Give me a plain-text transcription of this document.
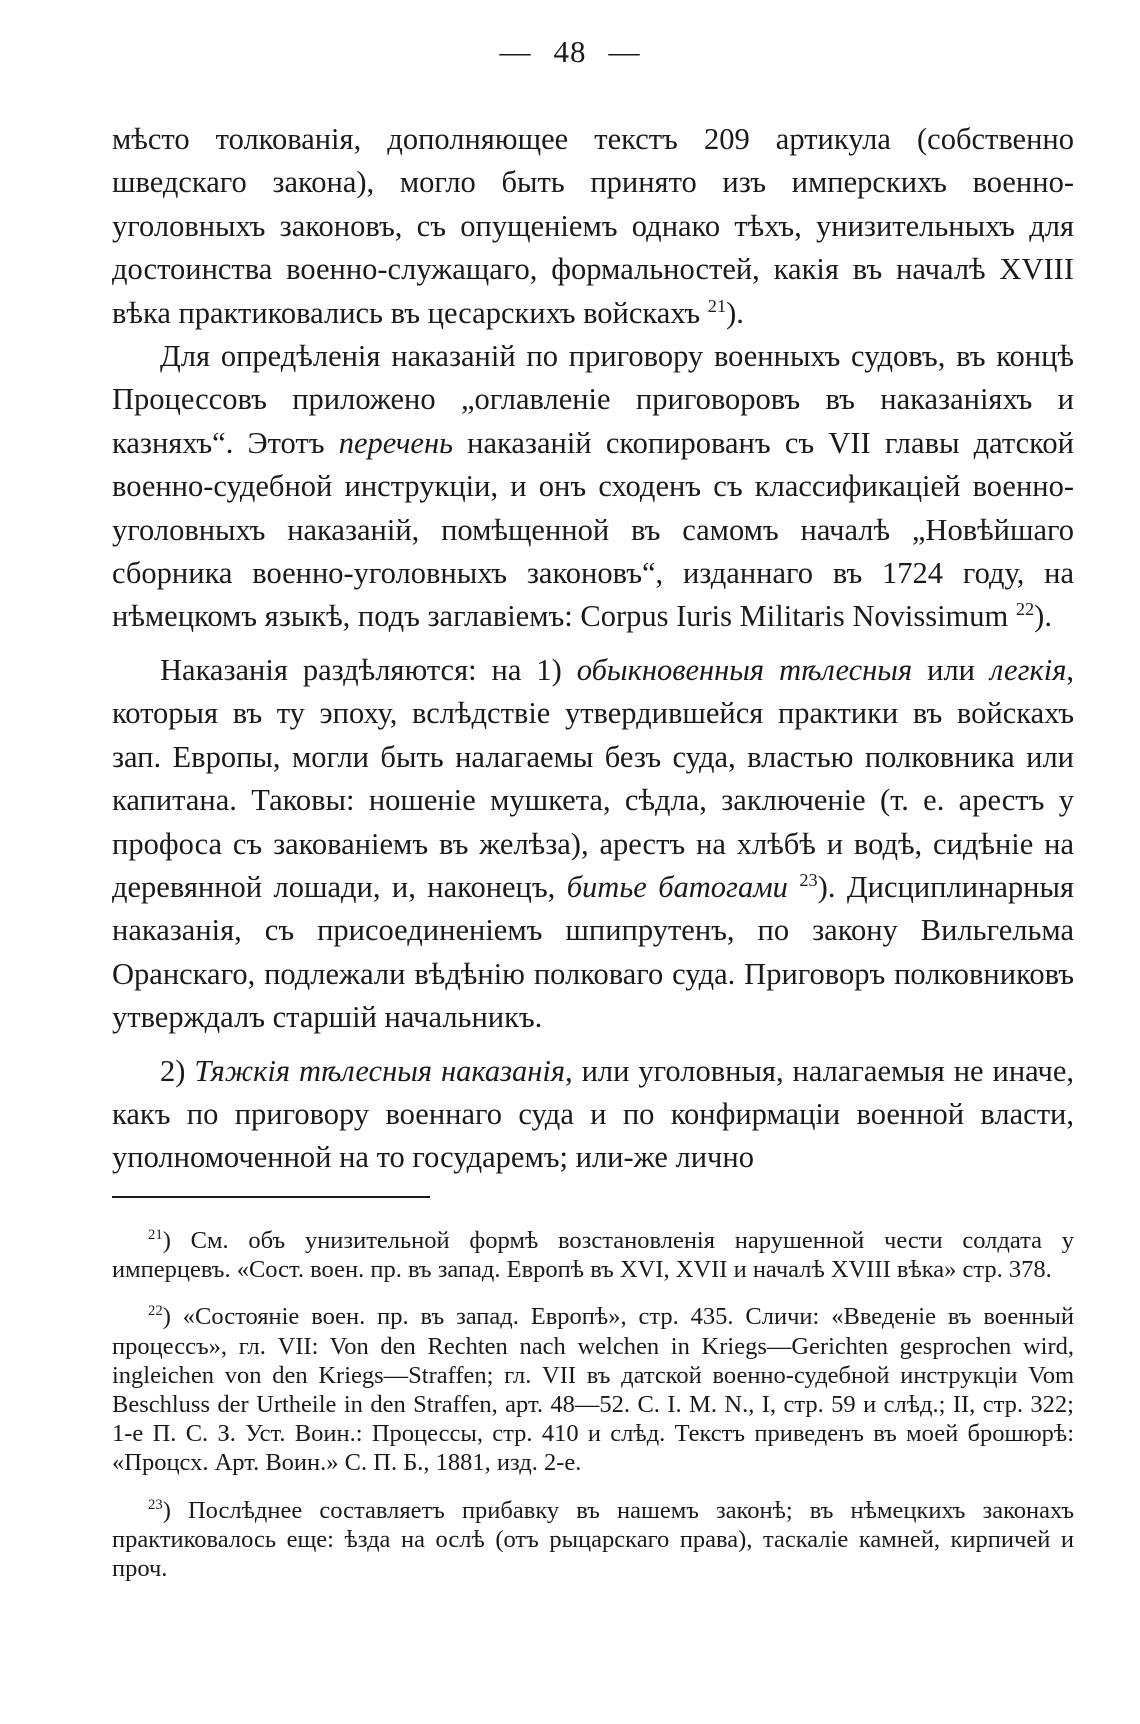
— 48 —

мѣсто толкованія, дополняющее текстъ 209 артикула (собственно шведскаго закона), могло быть принято изъ имперскихъ военно-уголовныхъ законовъ, съ опущеніемъ однако тѣхъ, унизительныхъ для достоинства военно-служащаго, формальностей, какія въ началѣ XVIII вѣка практиковались въ цесарскихъ войскахъ $^{21}$).

Для опредѣленія наказаній по приговору военныхъ судовъ, въ концѣ Процессовъ приложено „оглавленіе приговоровъ въ наказаніяхъ и казняхъ“. Этотъ перечень наказаній скопированъ съ VII главы датской военно-судебной инструкціи, и онъ сходенъ съ классификаціей военно-уголовныхъ наказаній, помѣщенной въ самомъ началѣ „Новѣйшаго сборника военно-уголовныхъ законовъ“, изданнаго въ 1724 году, на нѣмецкомъ языкѣ, подъ заглавіемъ: Corpus Iuris Militaris Novissimum $^{22}$).

Наказанія раздѣляются: на 1) обыкновенныя тѣлесныя или легкія, которыя въ ту эпоху, вслѣдствіе утвердившейся практики въ войскахъ зап. Европы, могли быть налагаемы безъ суда, властью полковника или капитана. Таковы: ношеніе мушкета, сѣдла, заключеніе (т. е. арестъ у профоса съ закованіемъ въ желѣза), арестъ на хлѣбѣ и водѣ, сидѣніе на деревянной лошади, и, наконецъ, битье батогами $^{23}$). Дисциплинарныя наказанія, съ присоединеніемъ шпипрутенъ, по закону Вильгельма Оранскаго, подлежали вѣдѣнію полковаго суда. Приговоръ полковниковъ утверждалъ старшій начальникъ.

2) Тяжкія тѣлесныя наказанія, или уголовныя, налагаемыя не иначе, какъ по приговору военнаго суда и по конфирмаціи военной власти, уполномоченной на то государемъ; или-же лично

$^{21}$) См. объ унизительной формѣ возстановленія нарушенной чести солдата у имперцевъ. «Сост. воен. пр. въ запад. Европѣ въ XVI, XVII и началѣ XVIII вѣка» стр. 378.

$^{22}$) «Состояніе воен. пр. въ запад. Европѣ», стр. 435. Сличи: «Введеніе въ военный процессъ», гл. VII: Von den Rechten nach welchen in Kriegs—Gerichten gesprochen wird, ingleichen von den Kriegs—Straffen; гл. VII въ датской военно-судебной инструкціи Vom Beschluss der Urtheile in den Straffen, арт. 48—52. C. I. M. N., I, стр. 59 и слѣд.; II, стр. 322; 1-е П. С. З. Уст. Воин.: Процессы, стр. 410 и слѣд. Текстъ приведенъ въ моей брошюрѣ: «Процсх. Арт. Воин.» С. П. Б., 1881, изд. 2-е.

$^{23}$) Послѣднее составляетъ прибавку въ нашемъ законѣ; въ нѣмецкихъ законахъ практиковалось еще: ѣзда на ослѣ (отъ рыцарскаго права), таскаліе камней, кирпичей и проч.
